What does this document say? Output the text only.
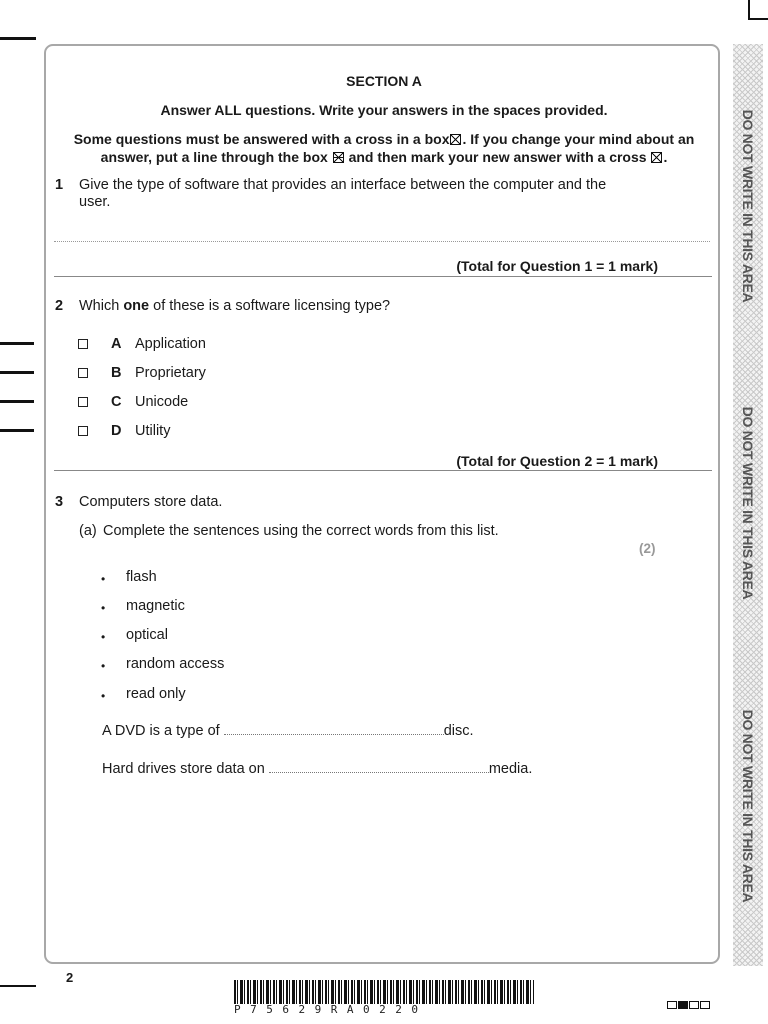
DO NOT WRITE IN THIS AREA
DO NOT WRITE IN THIS AREA
DO NOT WRITE IN THIS AREA
SECTION A
Answer ALL questions. Write your answers in the spaces provided.
Some questions must be answered with a cross in a box☒. If you change your mind about an
answer, put a line through the box and then mark your new answer with a cross ☒.
1 Give the type of software that provides an interface between the computer and the
user.
(Total for Question 1 = 1 mark)
2 Which one of these is a software licensing type?
A Application
B Proprietary
C Unicode
D Utility
(Total for Question 2 = 1 mark)
3 Computers store data.
(a) Complete the sentences using the correct words from this list.
(2)
• flash
• magnetic
• optical
• random access
• read only
A DVD is a type of	disc.
Hard drives store data on	media.
2
P75629RA0220
